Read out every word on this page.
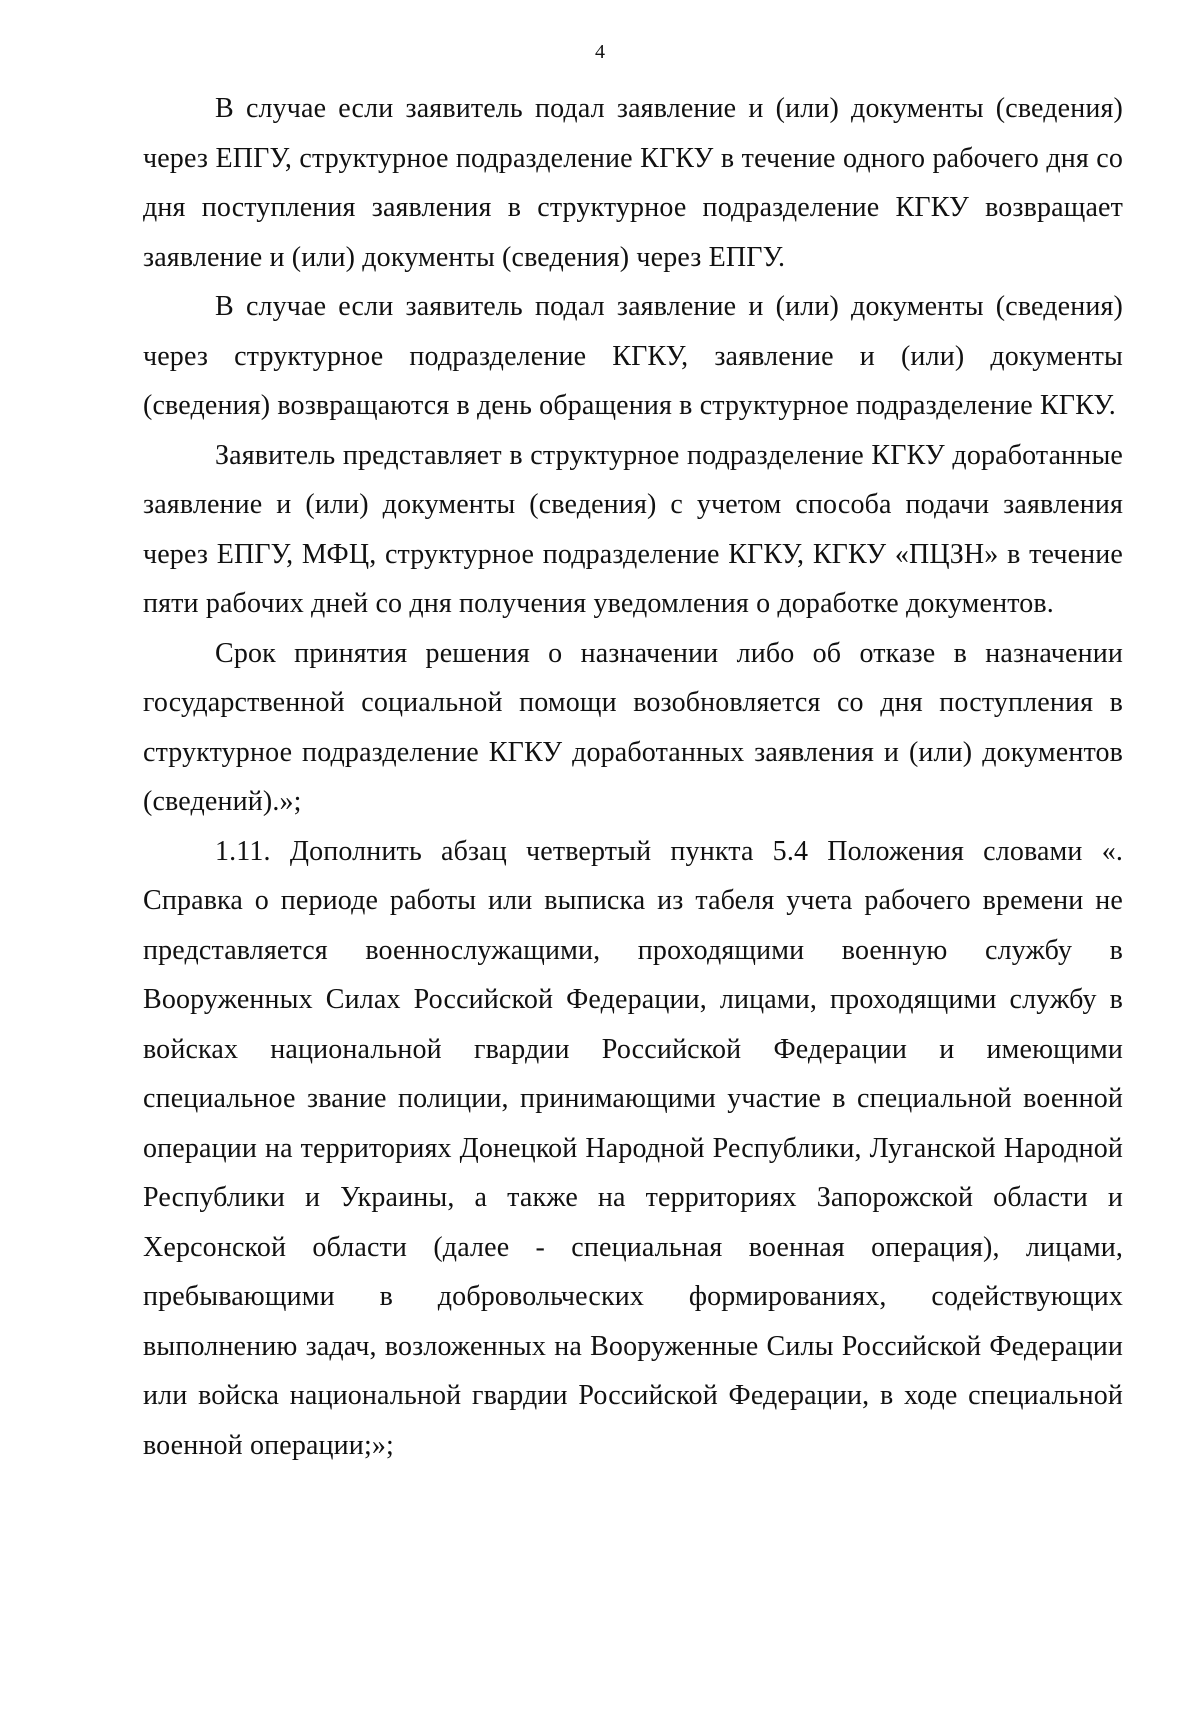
4

В случае если заявитель подал заявление и (или) документы (сведения) через ЕПГУ, структурное подразделение КГКУ в течение одного рабочего дня со дня поступления заявления в структурное подразделение КГКУ возвращает заявление и (или) документы (сведения) через ЕПГУ.

В случае если заявитель подал заявление и (или) документы (сведения) через структурное подразделение КГКУ, заявление и (или) документы (сведения) возвращаются в день обращения в структурное подразделение КГКУ.

Заявитель представляет в структурное подразделение КГКУ доработанные заявление и (или) документы (сведения) с учетом способа подачи заявления через ЕПГУ, МФЦ, структурное подразделение КГКУ, КГКУ «ПЦЗН» в течение пяти рабочих дней со дня получения уведомления о доработке документов.

Срок принятия решения о назначении либо об отказе в назначении государственной социальной помощи возобновляется со дня поступления в структурное подразделение КГКУ доработанных заявления и (или) документов (сведений).»;

1.11. Дополнить абзац четвертый пункта 5.4 Положения словами «. Справка о периоде работы или выписка из табеля учета рабочего времени не представляется военнослужащими, проходящими военную службу в Вооруженных Силах Российской Федерации, лицами, проходящими службу в войсках национальной гвардии Российской Федерации и имеющими специальное звание полиции, принимающими участие в специальной военной операции на территориях Донецкой Народной Республики, Луганской Народной Республики и Украины, а также на территориях Запорожской области и Херсонской области (далее - специальная военная операция), лицами, пребывающими в добровольческих формированиях, содействующих выполнению задач, возложенных на Вооруженные Силы Российской Федерации или войска национальной гвардии Российской Федерации, в ходе специальной военной операции;»;
